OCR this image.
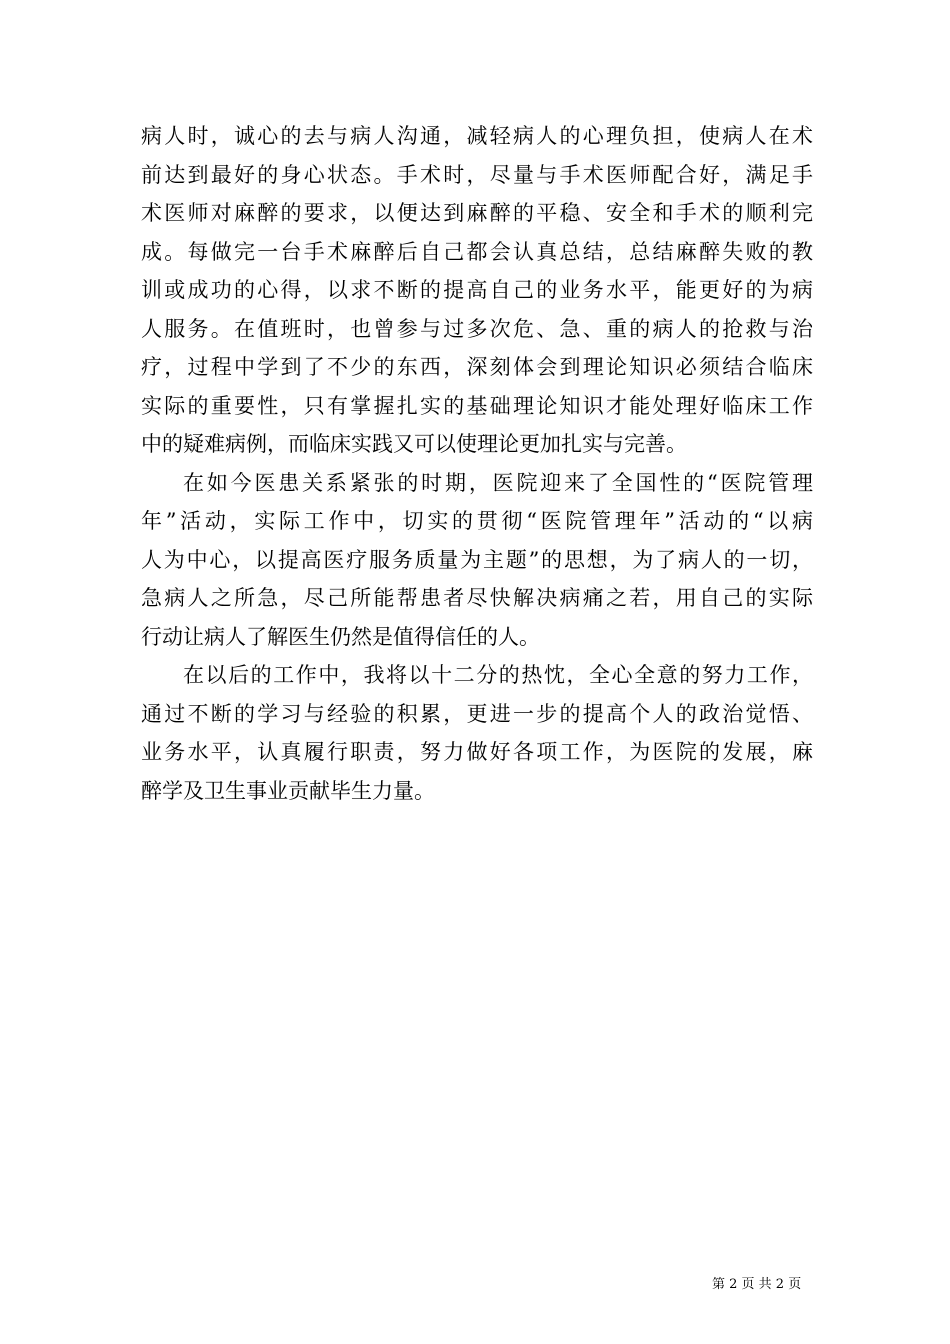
病人时，诚心的去与病人沟通，减轻病人的心理负担，使病人在术
前达到最好的身心状态。手术时，尽量与手术医师配合好，满足手
术医师对麻醉的要求，以便达到麻醉的平稳、安全和手术的顺利完
成。每做完一台手术麻醉后自己都会认真总结，总结麻醉失败的教
训或成功的心得，以求不断的提高自己的业务水平，能更好的为病
人服务。在值班时，也曾参与过多次危、急、重的病人的抢救与治
疗，过程中学到了不少的东西，深刻体会到理论知识必须结合临床
实际的重要性，只有掌握扎实的基础理论知识才能处理好临床工作
中的疑难病例，而临床实践又可以使理论更加扎实与完善。
在如今医患关系紧张的时期，医院迎来了全国性的“医院管理
年”活动，实际工作中，切实的贯彻“医院管理年”活动的“以病
人为中心，以提高医疗服务质量为主题”的思想，为了病人的一切，
急病人之所急，尽己所能帮患者尽快解决病痛之若，用自己的实际
行动让病人了解医生仍然是值得信任的人。
在以后的工作中，我将以十二分的热忱，全心全意的努力工作，
通过不断的学习与经验的积累，更进一步的提高个人的政治觉悟、
业务水平，认真履行职责，努力做好各项工作，为医院的发展，麻
醉学及卫生事业贡献毕生力量。
第 2 页 共 2 页
